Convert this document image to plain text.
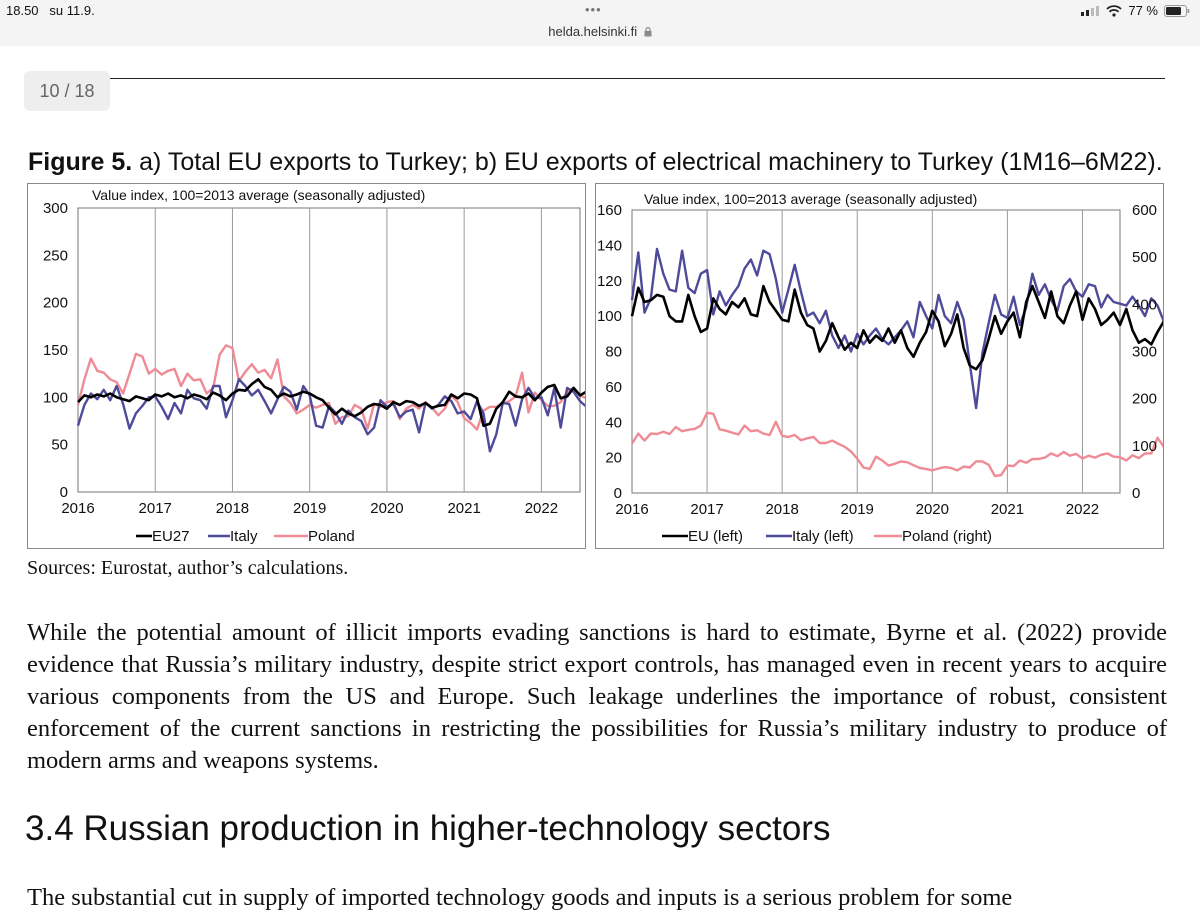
18.50 su 11.9.	•••
helda.helsinki.fi
77 %
10 / 18
Figure 5. a) Total EU exports to Turkey; b) EU exports of electrical machinery to Turkey (1M16–6M22).
Value index, 100=2013 average (seasonally adjusted)
0
50
100
150
200
250
300
2016	2017	2018	2019	2020	2021	2022
EU27	Italy	Poland
Value index, 100=2013 average (seasonally adjusted)
0
20
40
60
80
100
120
140
160
0
100
200
300
400
500
600
2016	2017	2018	2019	2020	2021	2022
EU (left)	Italy (left)	Poland (right)
Sources: Eurostat, author’s calculations.
While the potential amount of illicit imports evading sanctions is hard to estimate, Byrne et al. (2022) provide evidence that Russia’s military industry, despite strict export controls, has managed even in recent years to acquire various components from the US and Europe. Such leakage underlines the importance of robust, consistent enforcement of the current sanctions in restricting the possibilities for Russia’s military industry to produce of modern arms and weapons systems.
3.4 Russian production in higher-technology sectors
The substantial cut in supply of imported technology goods and inputs is a serious problem for some
